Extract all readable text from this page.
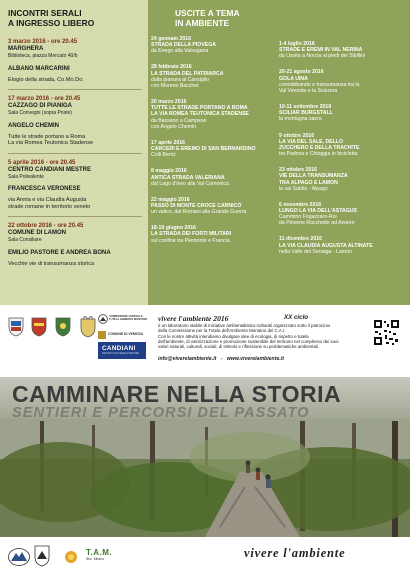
INCONTRI SERALI
A INGRESSO LIBERO
3 marzo 2016 - ore 20.45
MARGHERA
Biblioteca, piazza Mercato 40/b
ALBANO MARCARINI
Elogio della strada, Co.Mo.Do.
17 marzo 2016 - ore 20.45
CAZZAGO DI PIANIGA
Sala Convegni (sopra Poste)
ANGELO CHEMIN
Tutte le strade portano a Roma
La via Romea Teutonica Stadense
5 aprile 2016 - ore 20.45
CENTRO CANDIANI MESTRE
Sala Polivalente
FRANCESCA VERONESE
via Annia e via Claudia Augusta
strade romane in territorio veneto
22 ottobre 2016 - ore 20.45
COMUNE DI LAMON
Sala Consiliare
EMILIO PASTORE E ANDREA BONA
Vecchie vie di transumanza storica
USCITE A TEMA
IN AMBIENTE
24 gennaio 2016
STRADA DELLA PIOVEGA
da Enego alla Valsugana
28 febbraio 2016
LA STRADA DEL PATRIARCA
dalla pianura al Cansiglio
con Moreno Bacchet
20 marzo 2016
TUTTE LE STRADE PORTANO A ROMA
LA VIA ROMEA TEUTONICA STADENSE
da Bassano a Campese
con Angelo Chemin
17 aprile 2016
CARCERI E EREMO DI SAN BERNARDINO
Colli Berici
8 maggio 2016
ANTICA STRADA VALERIANA
dal Lago d'Iseo alla Val Camonica
22 maggio 2016
PASSO DI MONTE CROCE CARNICO
un valico, dai Romani alla Grande Guerra
18-19 giugno 2016
LA STRADA DEI FORTI MILITARI
sul confine tra Piemonte e Francia
1-4 luglio 2016
STRADE E EREMI IN VAL NERINA
da Ussita a Norcia al piedi dei Sibillini
20-21 agosto 2016
GOLA UINA
contrabbando e transumanza tra la
Val Venosta e la Svizzera
10-11 settembre 2016
SCILIAR BURGSTALL
la montagna sacra
9 ottobre 2016
LA VIA DEL SALE, DELLO
ZUCCHERO E DELLA TRACHITE
tra Padova e Chioggia in bicicletta
23 ottobre 2016
VIE DELLA TRANSUMANZA
TRA ALPAGO E LAMON
la vai Sabtts - Alpago
6 novembre 2016
LUNGO LA VIA DELL'ASTAGUS
Cammino Fogazzaro-Roi
da Piovene Rocchette ad Arsiero
11 dicembre 2016
LA VIA CLAUDIA AUGUSTA ALTINATE
nella Valle del Senaiga - Lamon
COMMISSIONE CENTRALE TUTELA AMBIENTE MONTANO
COMUNE DI VENEZIA
CANDIANI
CENTRO CULTURALE DI MESTRE
vivere l'ambiente 2016	XX ciclo
è un laboratorio stabile di iniziative ambientalistico-culturali organizzato sotto il patrocinio
della Commissione per la Tutela dell'Ambiente Montano del C.A.I.
Con le nostre attività intendiamo divulgare idee di ecologia, di rispetto e tutela
dell'ambiente, di valorizzazione e promozione sostenibile del territorio nel complesso dei suoi
valori naturali, culturali, sociali; di stimolo e riflessione su problematiche ambientali.
info@viverelambiente.it   -   www.viverelambiente.it
CAMMINARE NELLA STORIA
SENTIERI E PERCORSI DEL PASSATO
T.A.M.
Sez. Mirano	vivere l'ambiente
